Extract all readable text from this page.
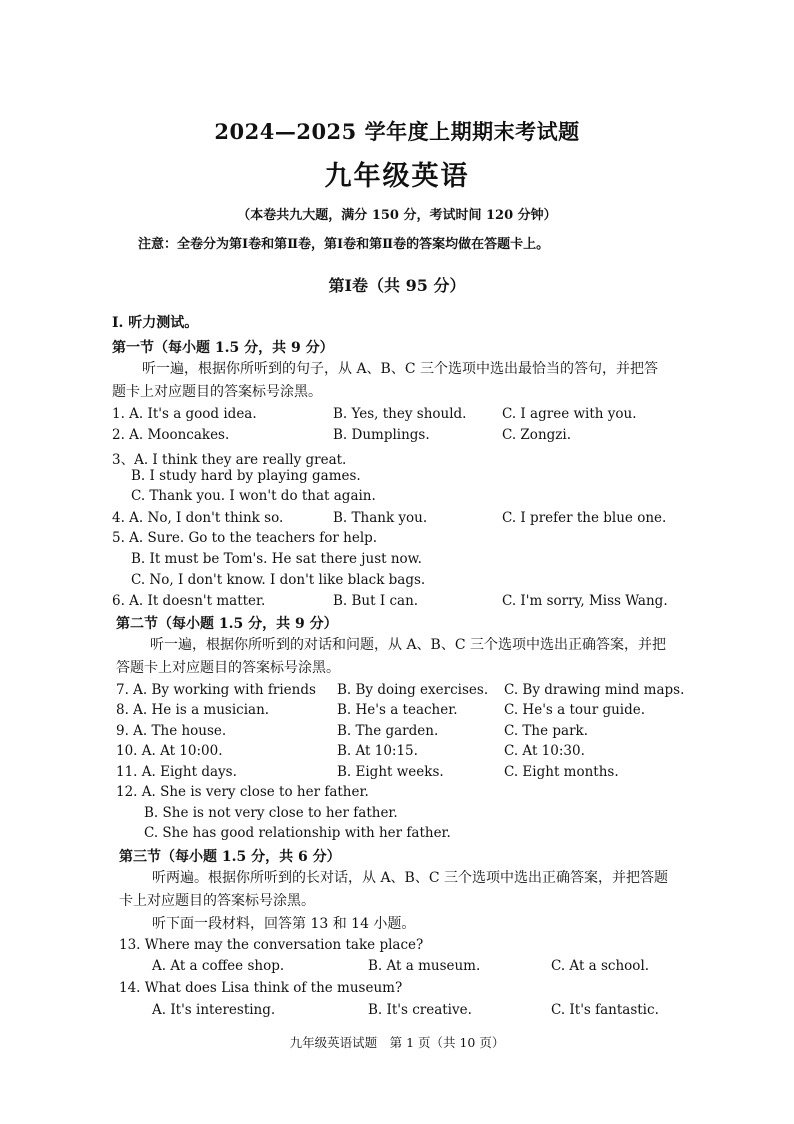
2024—2025 学年度上期期末考试题
九年级英语
（本卷共九大题，满分 150 分，考试时间 120 分钟）
注意：全卷分为第Ⅰ卷和第Ⅱ卷，第Ⅰ卷和第Ⅱ卷的答案均做在答题卡上。
第Ⅰ卷（共 95 分）
I. 听力测试。
第一节（每小题 1.5 分，共 9 分）
听一遍，根据你所听到的句子，从 A、B、C 三个选项中选出最恰当的答句，并把答
题卡上对应题目的答案标号涂黑。
1. A. It's a good idea.	B. Yes, they should.	C. I agree with you.
2. A. Mooncakes.	B. Dumplings.	C. Zongzi.
3、A. I think they are really great.
B. I study hard by playing games.
C. Thank you. I won't do that again.
4. A. No, I don't think so.	B. Thank you.	C. I prefer the blue one.
5. A. Sure. Go to the teachers for help.
B. It must be Tom's. He sat there just now.
C. No, I don't know. I don't like black bags.
6. A. It doesn't matter.	B. But I can.	C. I'm sorry, Miss Wang.
第二节（每小题 1.5 分，共 9 分）
听一遍，根据你所听到的对话和问题，从 A、B、C 三个选项中选出正确答案，并把
答题卡上对应题目的答案标号涂黑。
7. A. By working with friends B. By doing exercises. C. By drawing mind maps.
8. A. He is a musician.	B. He's a teacher.	C. He's a tour guide.
9. A. The house.	B. The garden.	C. The park.
10. A. At 10:00.	B. At 10:15.	C. At 10:30.
11. A. Eight days.	B. Eight weeks.	C. Eight months.
12. A. She is very close to her father.
B. She is not very close to her father.
C. She has good relationship with her father.
第三节（每小题 1.5 分，共 6 分）
听两遍。根据你所听到的长对话，从 A、B、C 三个选项中选出正确答案，并把答题
卡上对应题目的答案标号涂黑。
听下面一段材料，回答第 13 和 14 小题。
13. Where may the conversation take place?
A. At a coffee shop.	B. At a museum.	C. At a school.
14. What does Lisa think of the museum?
A. It's interesting.	B. It's creative.	C. It's fantastic.
九年级英语试题　第 1 页（共 10 页）
